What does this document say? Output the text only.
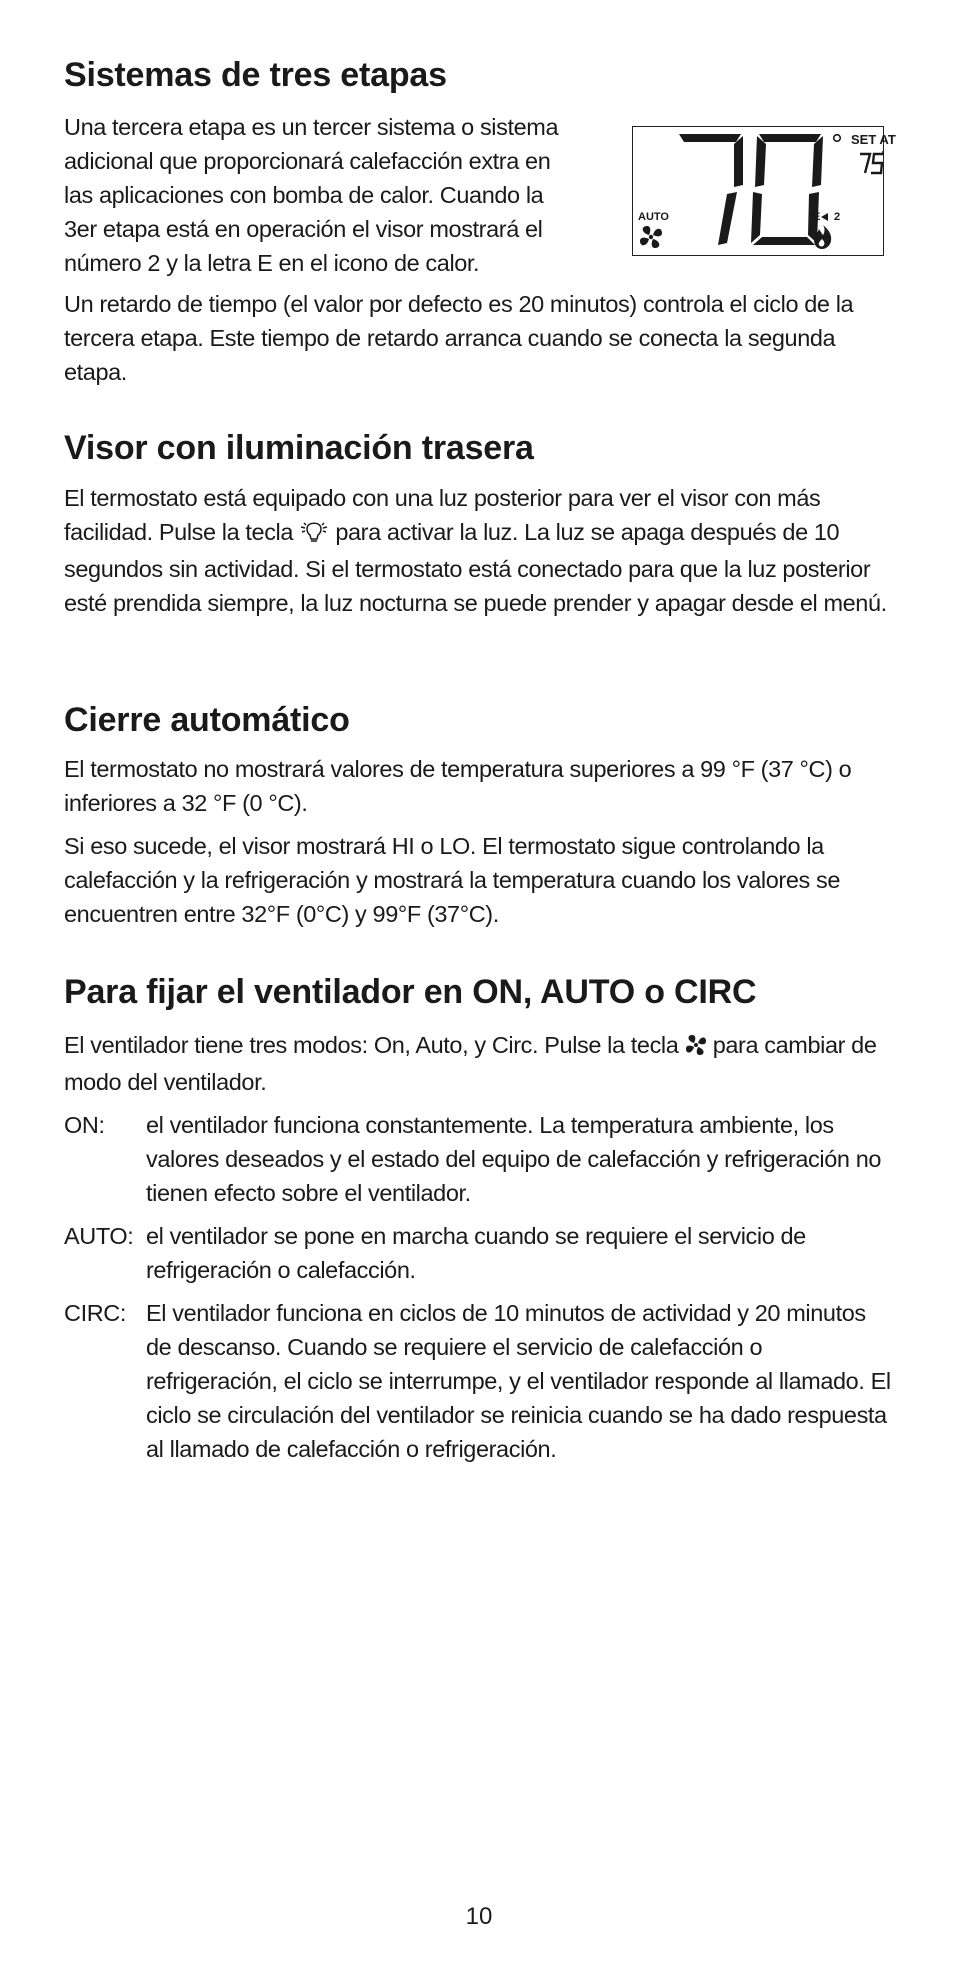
Sistemas de tres etapas

Una tercera etapa es un tercer sistema o sistema

adicional que proporcionará calefacción extra en

las aplicaciones con bomba de calor. Cuando la

3er etapa está en operación el visor mostrará el

número 2 y la letra E en el icono de calor.

SET AT
AUTO	E 2

Un retardo de tiempo (el valor por defecto es 20 minutos) controla el ciclo de la tercera etapa. Este tiempo de retardo arranca cuando se conecta la segunda etapa.

Visor con iluminación trasera

El termostato está equipado con una luz posterior para ver el visor con más facilidad. Pulse la tecla para activar la luz. La luz se apaga después de 10 segundos sin actividad. Si el termostato está conectado para que la luz posterior esté prendida siempre, la luz nocturna se puede prender y apagar desde el menú.

Cierre automático

El termostato no mostrará valores de temperatura superiores a 99 °F (37 °C) o inferiores a 32 °F (0 °C).

Si eso sucede, el visor mostrará HI o LO. El termostato sigue controlando la calefacción y la refrigeración y mostrará la temperatura cuando los valores se encuentren entre 32°F (0°C) y 99°F (37°C).

Para fijar el ventilador en ON, AUTO o CIRC

El ventilador tiene tres modos: On, Auto, y Circ. Pulse la tecla para cambiar de modo del ventilador.

ON:	el ventilador funciona constantemente. La temperatura ambiente, los valores deseados y el estado del equipo de calefacción y refrigeración no tienen efecto sobre el ventilador.
AUTO: el ventilador se pone en marcha cuando se requiere el servicio de refrigeración o calefacción.
CIRC: El ventilador funciona en ciclos de 10 minutos de actividad y 20 minutos de descanso. Cuando se requiere el servicio de calefacción o refrigeración, el ciclo se interrumpe, y el ventilador responde al llamado. El ciclo se circulación del ventilador se reinicia cuando se ha dado respuesta al llamado de calefacción o refrigeración.
10
